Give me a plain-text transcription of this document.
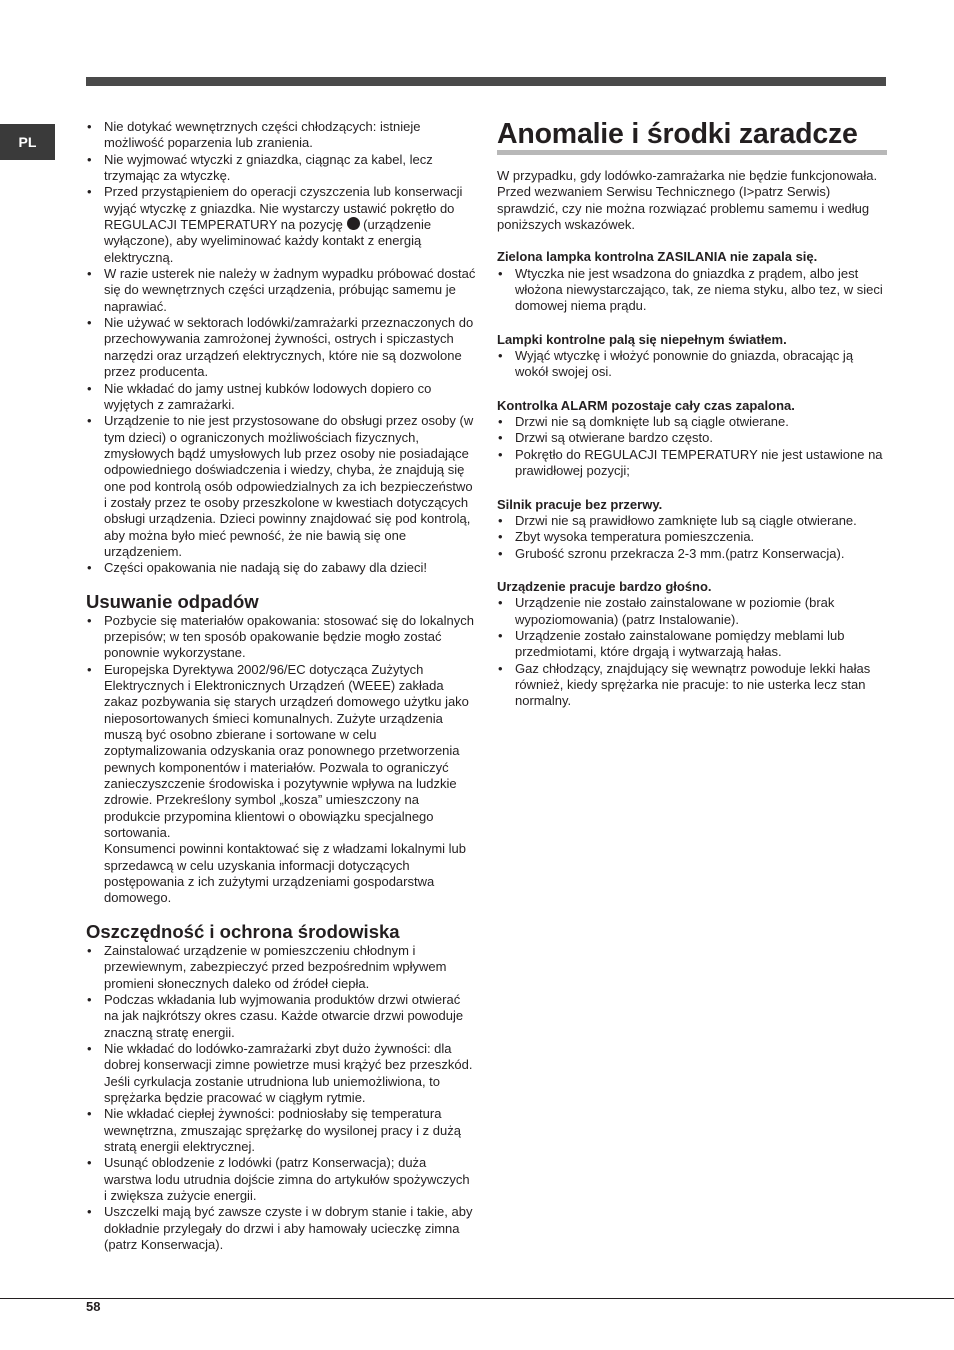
PL
• Nie dotykać wewnętrznych części chłodzących: istnieje możliwość poparzenia lub zranienia.
• Nie wyjmować wtyczki z gniazdka, ciągnąc za kabel, lecz trzymając za wtyczkę.
• Przed przystąpieniem do operacji czyszczenia lub konserwacji wyjąć wtyczkę z gniazdka. Nie wystarczy ustawić pokrętło do REGULACJI TEMPERATURY na pozycję (urządzenie wyłączone), aby wyeliminować każdy kontakt z energią elektryczną.
• W razie usterek nie należy w żadnym wypadku próbować dostać się do wewnętrznych części urządzenia, próbując samemu je naprawiać.
• Nie używać w sektorach lodówki/zamrażarki przeznaczonych do przechowywania zamrożonej żywności, ostrych i spiczastych narzędzi oraz urządzeń elektrycznych, które nie są dozwolone przez producenta.
• Nie wkładać do jamy ustnej kubków lodowych dopiero co wyjętych z zamrażarki.
• Urządzenie to nie jest przystosowane do obsługi przez osoby (w tym dzieci) o ograniczonych możliwościach fizycznych, zmysłowych bądź umysłowych lub przez osoby nie posiadające odpowiedniego doświadczenia i wiedzy, chyba, że znajdują się one pod kontrolą osób odpowiedzialnych za ich bezpieczeństwo i zostały przez te osoby przeszkolone w kwestiach dotyczących obsługi urządzenia. Dzieci powinny znajdować się pod kontrolą, aby można było mieć pewność, że nie bawią się one urządzeniem.
• Części opakowania nie nadają się do zabawy dla dzieci!
Usuwanie odpadów
• Pozbycie się materiałów opakowania: stosować się do lokalnych przepisów; w ten sposób opakowanie będzie mogło zostać ponownie wykorzystane.
• Europejska Dyrektywa 2002/96/EC dotycząca Zużytych Elektrycznych i Elektronicznych Urządzeń (WEEE) zakłada zakaz pozbywania się starych urządzeń domowego użytku jako nieposortowanych śmieci komunalnych. Zużyte urządzenia muszą być osobno zbierane i sortowane w celu zoptymalizowania odzyskania oraz ponownego przetworzenia pewnych komponentów i materiałów. Pozwala to ograniczyć zanieczyszczenie środowiska i pozytywnie wpływa na ludzkie zdrowie. Przekreślony symbol „kosza” umieszczony na produkcie przypomina klientowi o obowiązku specjalnego sortowania.
Konsumenci powinni kontaktować się z władzami lokalnymi lub sprzedawcą w celu uzyskania informacji dotyczących postępowania z ich zużytymi urządzeniami gospodarstwa domowego.
Oszczędność i ochrona środowiska
• Zainstalować urządzenie w pomieszczeniu chłodnym i przewiewnym, zabezpieczyć przed bezpośrednim wpływem promieni słonecznych daleko od źródeł ciepła.
• Podczas wkładania lub wyjmowania produktów drzwi otwierać na jak najkrótszy okres czasu. Każde otwarcie drzwi powoduje znaczną stratę energii.
• Nie wkładać do lodówko-zamrażarki zbyt dużo żywności: dla dobrej konserwacji zimne powietrze musi krążyć bez przeszkód. Jeśli cyrkulacja zostanie utrudniona lub uniemożliwiona, to sprężarka będzie pracować w ciągłym rytmie.
• Nie wkładać ciepłej żywności: podniosłaby się temperatura wewnętrzna, zmuszając sprężarkę do wysilonej pracy i z dużą stratą energii elektrycznej.
• Usunąć oblodzenie z lodówki (patrz Konserwacja); duża warstwa lodu utrudnia dojście zimna do artykułów spożywczych i zwiększa zużycie energii.
• Uszczelki mają być zawsze czyste i w dobrym stanie i takie, aby dokładnie przylegały do drzwi i aby hamowały ucieczkę zimna (patrz Konserwacja).
Anomalie i środki zaradcze
W przypadku, gdy lodówko-zamrażarka nie będzie funkcjonowała. Przed wezwaniem Serwisu Technicznego (I>patrz Serwis) sprawdzić, czy nie można rozwiązać problemu samemu i według poniższych wskazówek.
Zielona lampka kontrolna ZASILANIA nie zapala się.
• Wtyczka nie jest wsadzona do gniazdka z prądem, albo jest włożona niewystarczająco, tak, ze niema styku, albo tez, w sieci domowej niema prądu.
Lampki kontrolne palą się niepełnym światłem.
• Wyjąć wtyczkę i włożyć ponownie do gniazda, obracając ją wokół swojej osi.
Kontrolka ALARM pozostaje cały czas zapalona.
• Drzwi nie są domknięte lub są ciągle otwierane.
• Drzwi są otwierane bardzo często.
• Pokrętło do REGULACJI TEMPERATURY nie jest ustawione na prawidłowej pozycji;
Silnik pracuje bez przerwy.
• Drzwi nie są prawidłowo zamknięte lub są ciągle otwierane.
• Zbyt wysoka temperatura pomieszczenia.
• Grubość szronu przekracza 2-3 mm.(patrz Konserwacja).
Urządzenie pracuje bardzo głośno.
• Urządzenie nie zostało zainstalowane w poziomie (brak wypoziomowania) (patrz Instalowanie).
• Urządzenie zostało zainstalowane pomiędzy meblami lub przedmiotami, które drgają i wytwarzają hałas.
• Gaz chłodzący, znajdujący się wewnątrz powoduje lekki hałas również, kiedy sprężarka nie pracuje: to nie usterka lecz stan normalny.
58
